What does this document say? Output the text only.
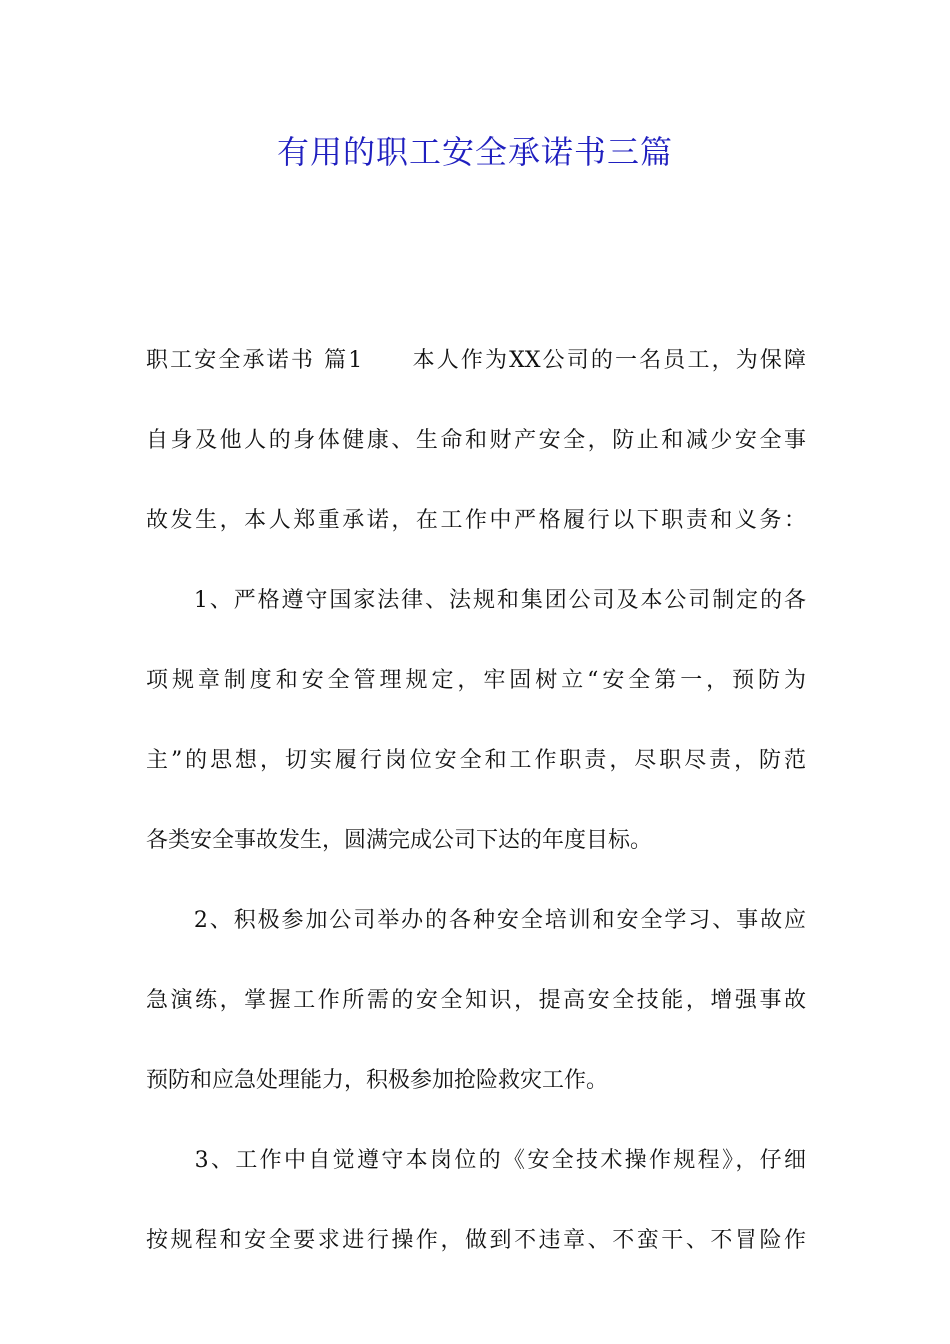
有用的职工安全承诺书三篇
职工安全承诺书 篇1　　本人作为XX公司的一名员工，为保障
自身及他人的身体健康、生命和财产安全，防止和减少安全事
故发生，本人郑重承诺，在工作中严格履行以下职责和义务：
　　1、严格遵守国家法律、法规和集团公司及本公司制定的各
项规章制度和安全管理规定，牢固树立“安全第一，预防为
主”的思想，切实履行岗位安全和工作职责，尽职尽责，防范
各类安全事故发生，圆满完成公司下达的年度目标。
　　2、积极参加公司举办的各种安全培训和安全学习、事故应
急演练，掌握工作所需的安全知识，提高安全技能，增强事故
预防和应急处理能力，积极参加抢险救灾工作。
　　3、工作中自觉遵守本岗位的《安全技术操作规程》，仔细
按规程和安全要求进行操作，做到不违章、不蛮干、不冒险作
